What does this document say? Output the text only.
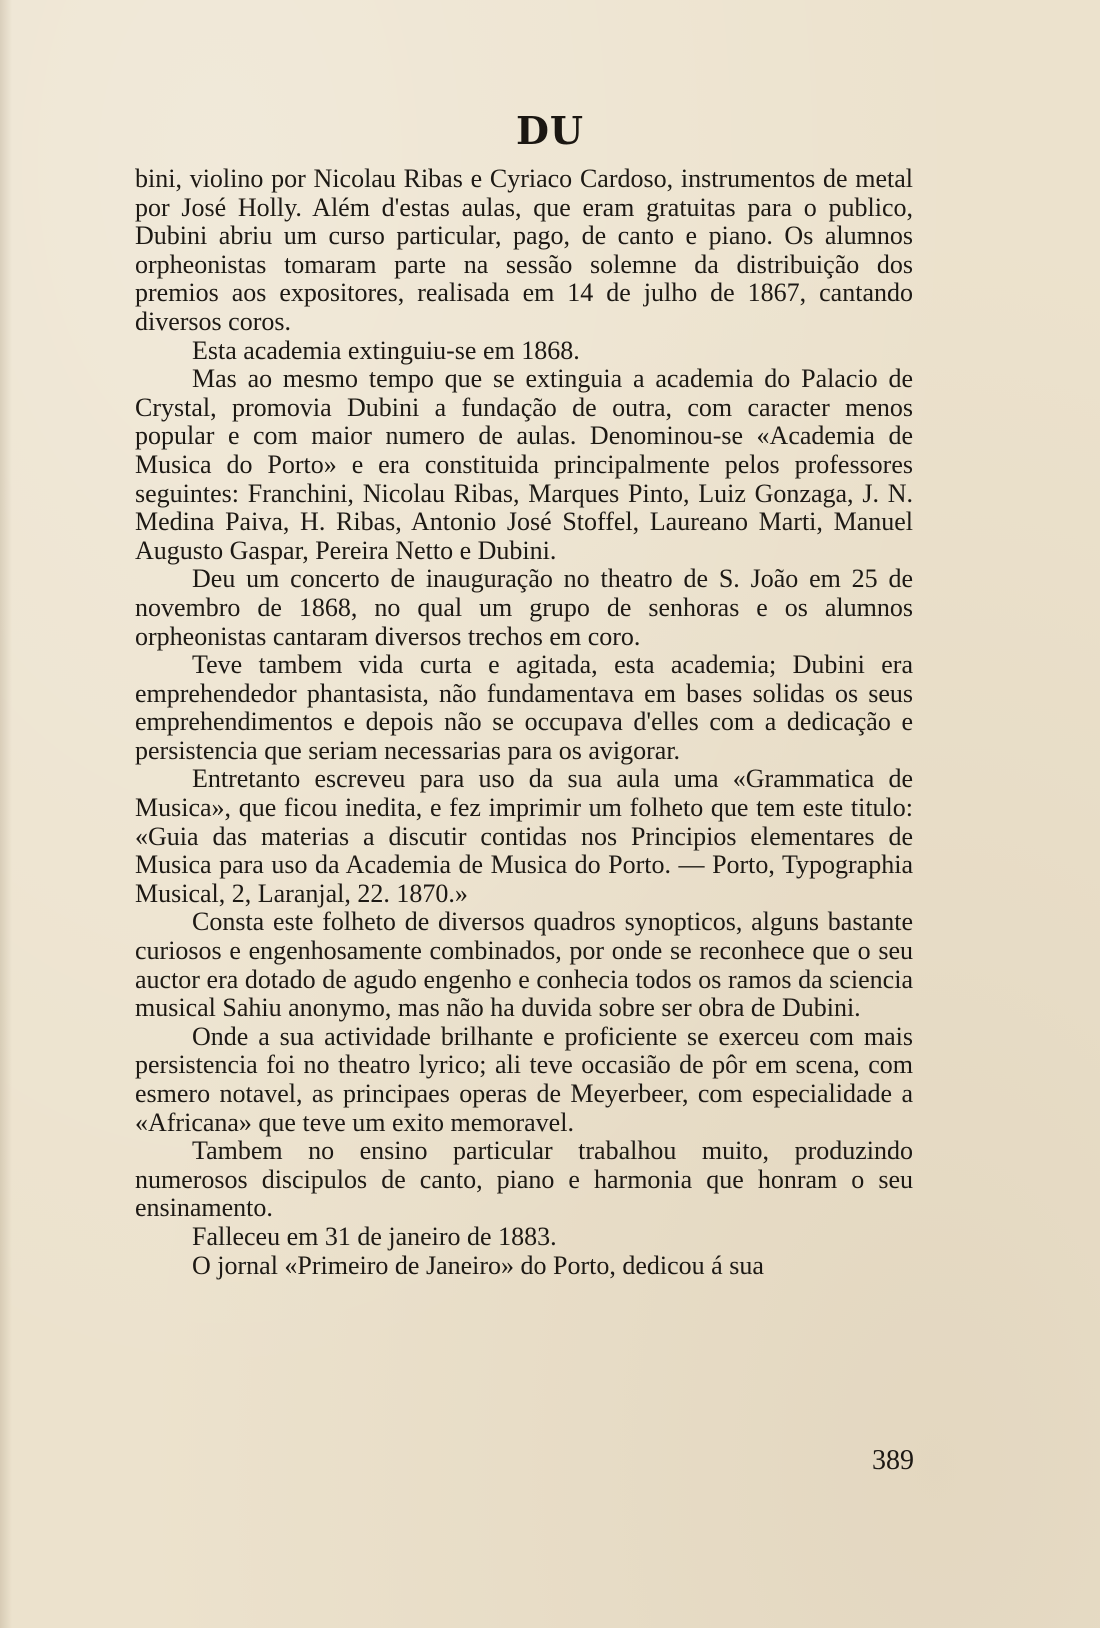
DU

bini, violino por Nicolau Ribas e Cyriaco Cardoso, instrumentos de metal por José Holly. Além d'estas aulas, que eram gratuitas para o publico, Dubini abriu um curso particular, pago, de canto e piano. Os alumnos orpheonistas tomaram parte na sessão solemne da distribuição dos premios aos expositores, realisada em 14 de julho de 1867, cantando diversos coros.

Esta academia extinguiu-se em 1868.

Mas ao mesmo tempo que se extinguia a academia do Palacio de Crystal, promovia Dubini a fundação de outra, com caracter menos popular e com maior numero de aulas. Denominou-se «Academia de Musica do Porto» e era constituida principalmente pelos professores seguintes: Franchini, Nicolau Ribas, Marques Pinto, Luiz Gonzaga, J. N. Medina Paiva, H. Ribas, Antonio José Stoffel, Laureano Marti, Manuel Augusto Gaspar, Pereira Netto e Dubini.

Deu um concerto de inauguração no theatro de S. João em 25 de novembro de 1868, no qual um grupo de senhoras e os alumnos orpheonistas cantaram diversos trechos em coro.

Teve tambem vida curta e agitada, esta academia; Dubini era emprehendedor phantasista, não fundamentava em bases solidas os seus emprehendimentos e depois não se occupava d'elles com a dedicação e persistencia que seriam necessarias para os avigorar.

Entretanto escreveu para uso da sua aula uma «Grammatica de Musica», que ficou inedita, e fez imprimir um folheto que tem este titulo: «Guia das materias a discutir contidas nos Principios elementares de Musica para uso da Academia de Musica do Porto. — Porto, Typographia Musical, 2, Laranjal, 22. 1870.»

Consta este folheto de diversos quadros synopticos, alguns bastante curiosos e engenhosamente combinados, por onde se reconhece que o seu auctor era dotado de agudo engenho e conhecia todos os ramos da sciencia musical Sahiu anonymo, mas não ha duvida sobre ser obra de Dubini.

Onde a sua actividade brilhante e proficiente se exerceu com mais persistencia foi no theatro lyrico; ali teve occasião de pôr em scena, com esmero notavel, as principaes operas de Meyerbeer, com especialidade a «Africana» que teve um exito memoravel.

Tambem no ensino particular trabalhou muito, produzindo numerosos discipulos de canto, piano e harmonia que honram o seu ensinamento.

Falleceu em 31 de janeiro de 1883.

O jornal «Primeiro de Janeiro» do Porto, dedicou á sua

389
